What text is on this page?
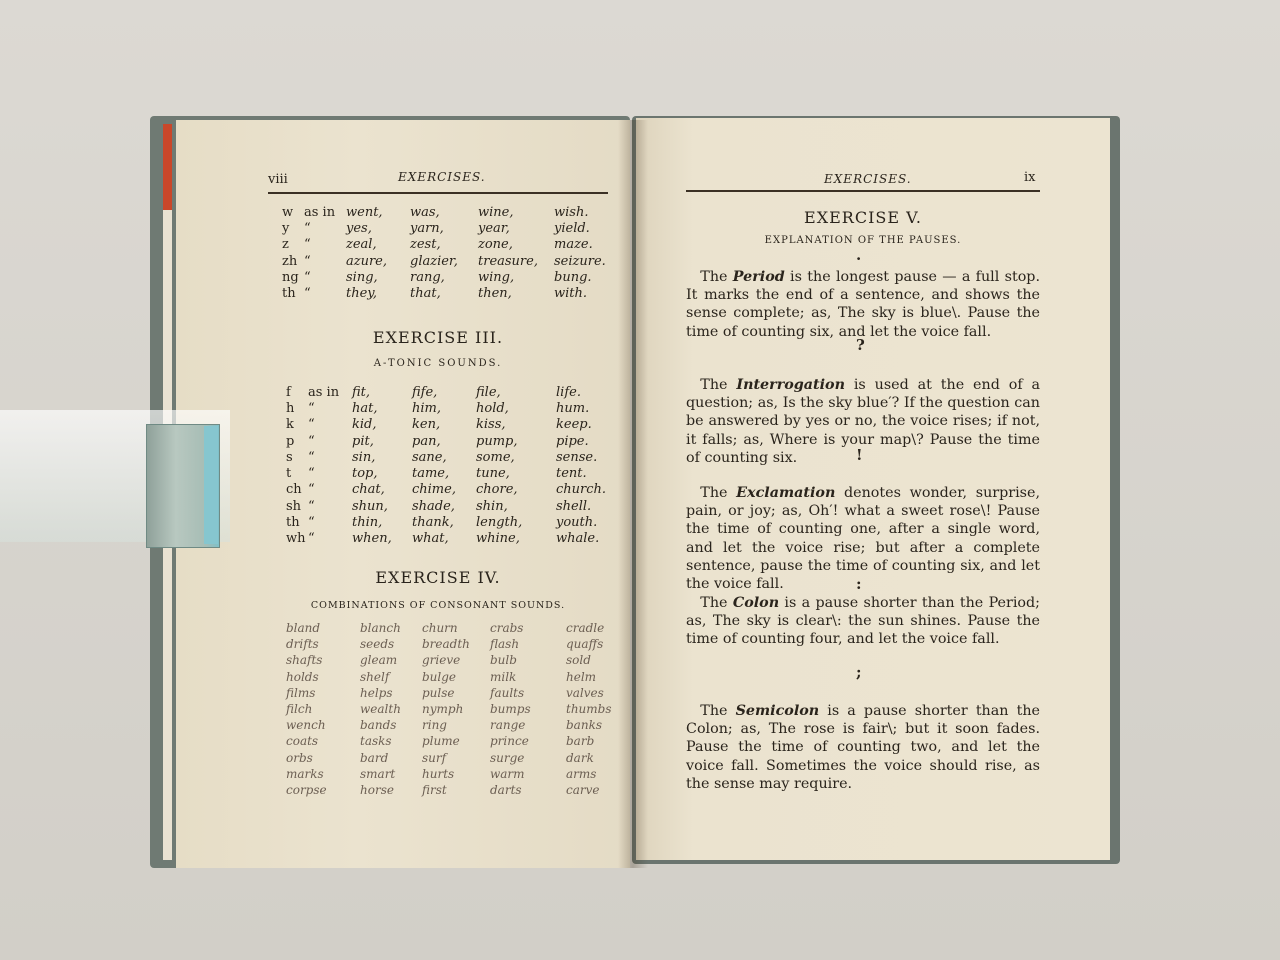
viii	EXERCISES.
w	as in	went,	was,	wine,	wish.
y	“	yes,	yarn,	year,	yield.
z	“	zeal,	zest,	zone,	maze.
zh	“	azure,	glazier,	treasure,	seizure.
ng	“	sing,	rang,	wing,	bung.
th	“	they,	that,	then,	with.
EXERCISE III.
A-TONIC SOUNDS.
f	as in	fit,	fife,	file,	life.
h	“	hat,	him,	hold,	hum.
k	“	kid,	ken,	kiss,	keep.
p	“	pit,	pan,	pump,	pipe.
s	“	sin,	sane,	some,	sense.
t	“	top,	tame,	tune,	tent.
ch	“	chat,	chime,	chore,	church.
sh	“	shun,	shade,	shin,	shell.
th	“	thin,	thank,	length,	youth.
wh	“	when,	what,	whine,	whale.
EXERCISE IV.
COMBINATIONS OF CONSONANT SOUNDS.
bland	blanch	churn	crabs	cradle
drifts	seeds	breadth	flash	quaffs
shafts	gleam	grieve	bulb	sold
holds	shelf	bulge	milk	helm
films	helps	pulse	faults	valves
filch	wealth	nymph	bumps	thumbs
wench	bands	ring	range	banks
coats	tasks	plume	prince	barb
orbs	bard	surf	surge	dark
marks	smart	hurts	warm	arms
corpse	horse	first	darts	carve
EXERCISES.	ix
EXERCISE V.
EXPLANATION OF THE PAUSES.
.
 The Period is the longest pause — a full stop. It marks the end of a sentence, and shows the sense complete; as, The sky is blue\. Pause the time of counting six, and let the voice fall.
?
 The Interrogation is used at the end of a question; as, Is the sky blue′? If the question can be answered by yes or no, the voice rises; if not, it falls; as, Where is your map\? Pause the time of counting six.	!
 The Exclamation denotes wonder, surprise, pain, or joy; as, Oh′! what a sweet rose\! Pause the time of counting one, after a single word, and let the voice rise; but after a complete sentence, pause the time of counting six, and let the voice fall.	:
 The Colon is a pause shorter than the Period; as, The sky is clear\: the sun shines. Pause the time of counting four, and let the voice fall.
;
 The Semicolon is a pause shorter than the Colon; as, The rose is fair\; but it soon fades. Pause the time of counting two, and let the voice fall. Sometimes the voice should rise, as the sense may require.
